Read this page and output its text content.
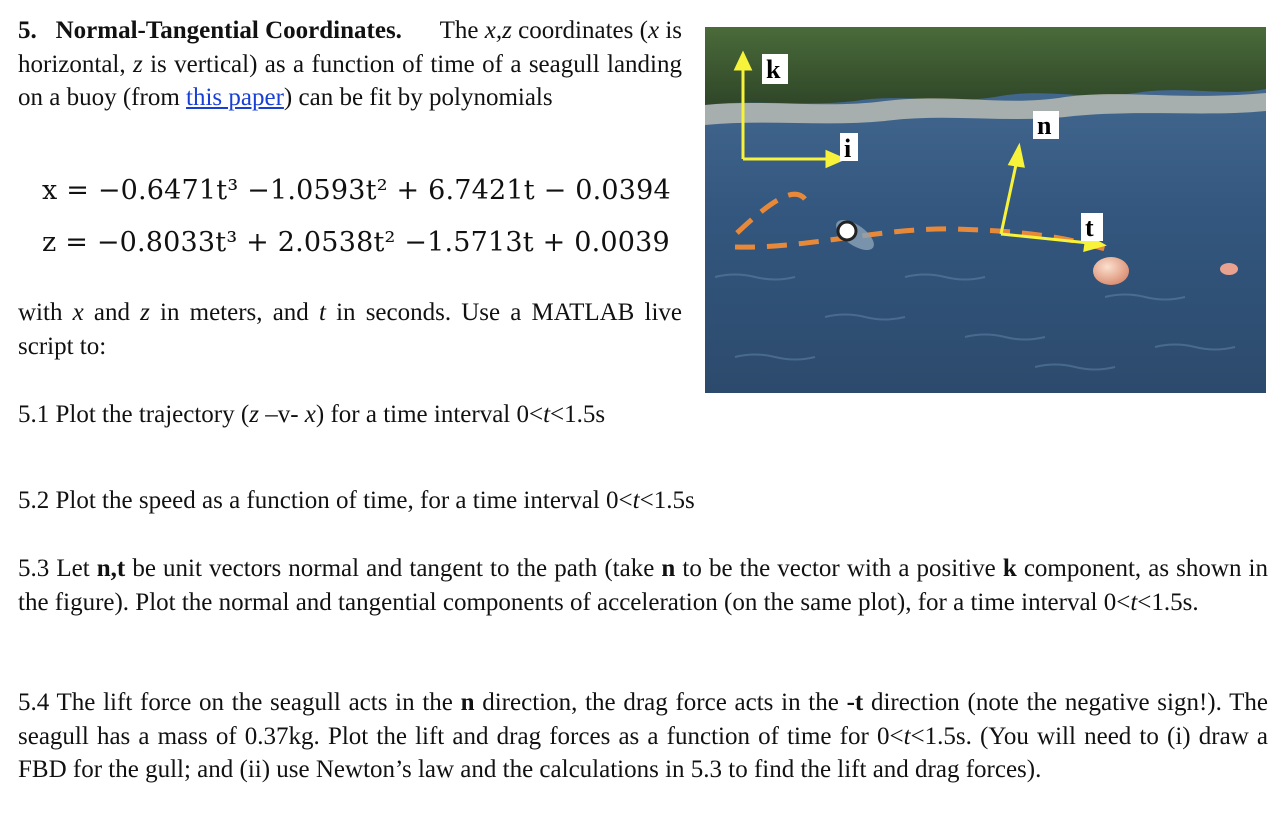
5. Normal-Tangential Coordinates. The x,z coordinates (x is horizontal, z is vertical) as a function of time of a seagull landing on a buoy (from this paper) can be fit by polynomials

x = −0.6471t³ −1.0593t² + 6.7421t − 0.0394
z = −0.8033t³ + 2.0538t² −1.5713t + 0.0039

with x and z in meters, and t in seconds. Use a MATLAB live script to:

5.1 Plot the trajectory (z –v- x) for a time interval 0<t<1.5s

5.2 Plot the speed as a function of time, for a time interval 0<t<1.5s

5.3 Let n,t be unit vectors normal and tangent to the path (take n to be the vector with a positive k component, as shown in the figure). Plot the normal and tangential components of acceleration (on the same plot), for a time interval 0<t<1.5s.

5.4 The lift force on the seagull acts in the n direction, the drag force acts in the -t direction (note the negative sign!). The seagull has a mass of 0.37kg. Plot the lift and drag forces as a function of time for 0<t<1.5s. (You will need to (i) draw a FBD for the gull; and (ii) use Newton’s law and the calculations in 5.3 to find the lift and drag forces).

k
i
n
t
